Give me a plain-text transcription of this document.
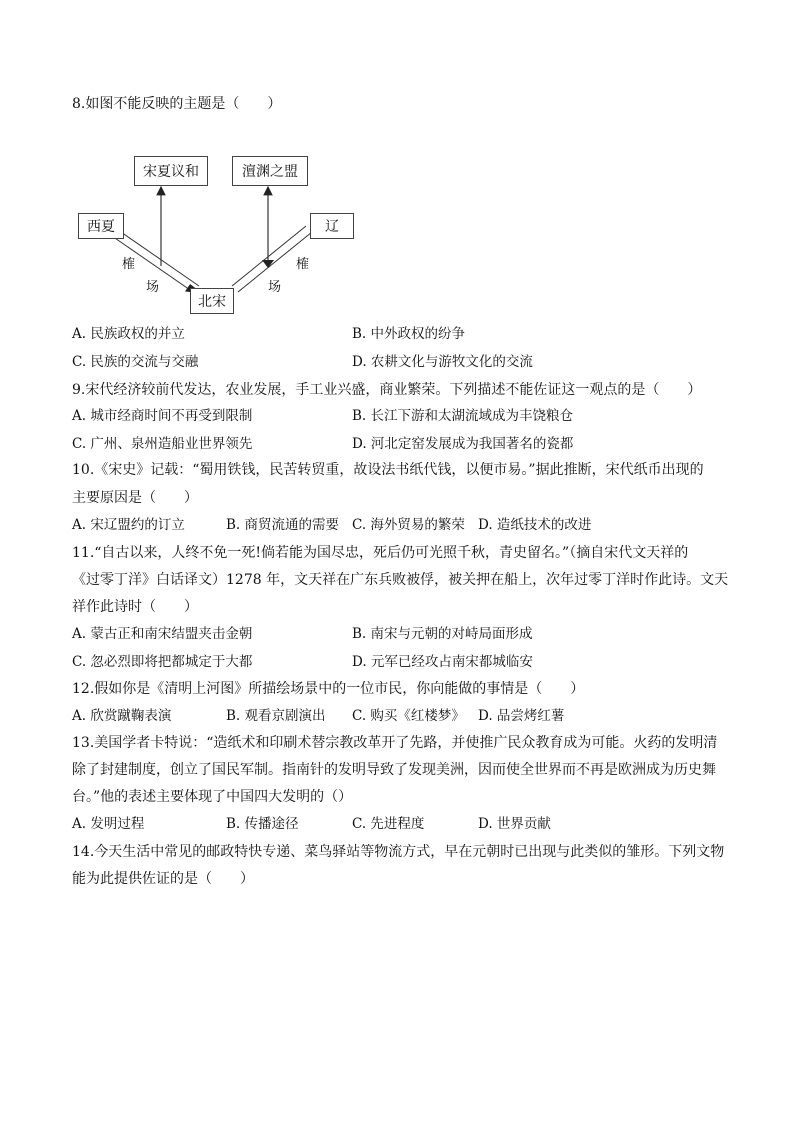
8.如图不能反映的主题是（　　）
宋夏议和	澶渊之盟
西夏	辽
北宋
榷
场
榷
场
A. 民族政权的并立	B. 中外政权的纷争
C. 民族的交流与交融	D. 农耕文化与游牧文化的交流
9.宋代经济较前代发达，农业发展，手工业兴盛，商业繁荣。下列描述不能佐证这一观点的是（　　）
A. 城市经商时间不再受到限制	B. 长江下游和太湖流域成为丰饶粮仓
C. 广州、泉州造船业世界领先	D. 河北定窑发展成为我国著名的瓷都
10.《宋史》记载：“蜀用铁钱，民苦转贸重，故设法书纸代钱，以便市易。”据此推断，宋代纸币出现的
主要原因是（　　）
A. 宋辽盟约的订立	B. 商贸流通的需要 C. 海外贸易的繁荣 D. 造纸技术的改进
11.“自古以来，人终不免一死!倘若能为国尽忠，死后仍可光照千秋，青史留名。”（摘自宋代文天祥的
《过零丁洋》白话译文）1278 年，文天祥在广东兵败被俘，被关押在船上，次年过零丁洋时作此诗。文天
祥作此诗时（　　）
A. 蒙古正和南宋结盟夹击金朝	B. 南宋与元朝的对峙局面形成
C. 忽必烈即将把都城定于大都	D. 元军已经攻占南宋都城临安
12.假如你是《清明上河图》所描绘场景中的一位市民，你向能做的事情是（　　）
A. 欣赏蹴鞠表演	B. 观看京剧演出 C. 购买《红楼梦》 D. 品尝烤红薯
13.美国学者卡特说：“造纸术和印刷术替宗教改革开了先路，并使推广民众教育成为可能。火药的发明清
除了封建制度，创立了国民军制。指南针的发明导致了发现美洲，因而使全世界而不再是欧洲成为历史舞
台。”他的表述主要体现了中国四大发明的（）
A. 发明过程	B. 传播途径	C. 先进程度	D. 世界贡献
14.今天生活中常见的邮政特快专递、菜鸟驿站等物流方式，早在元朝时已出现与此类似的雏形。下列文物
能为此提供佐证的是（　　）
